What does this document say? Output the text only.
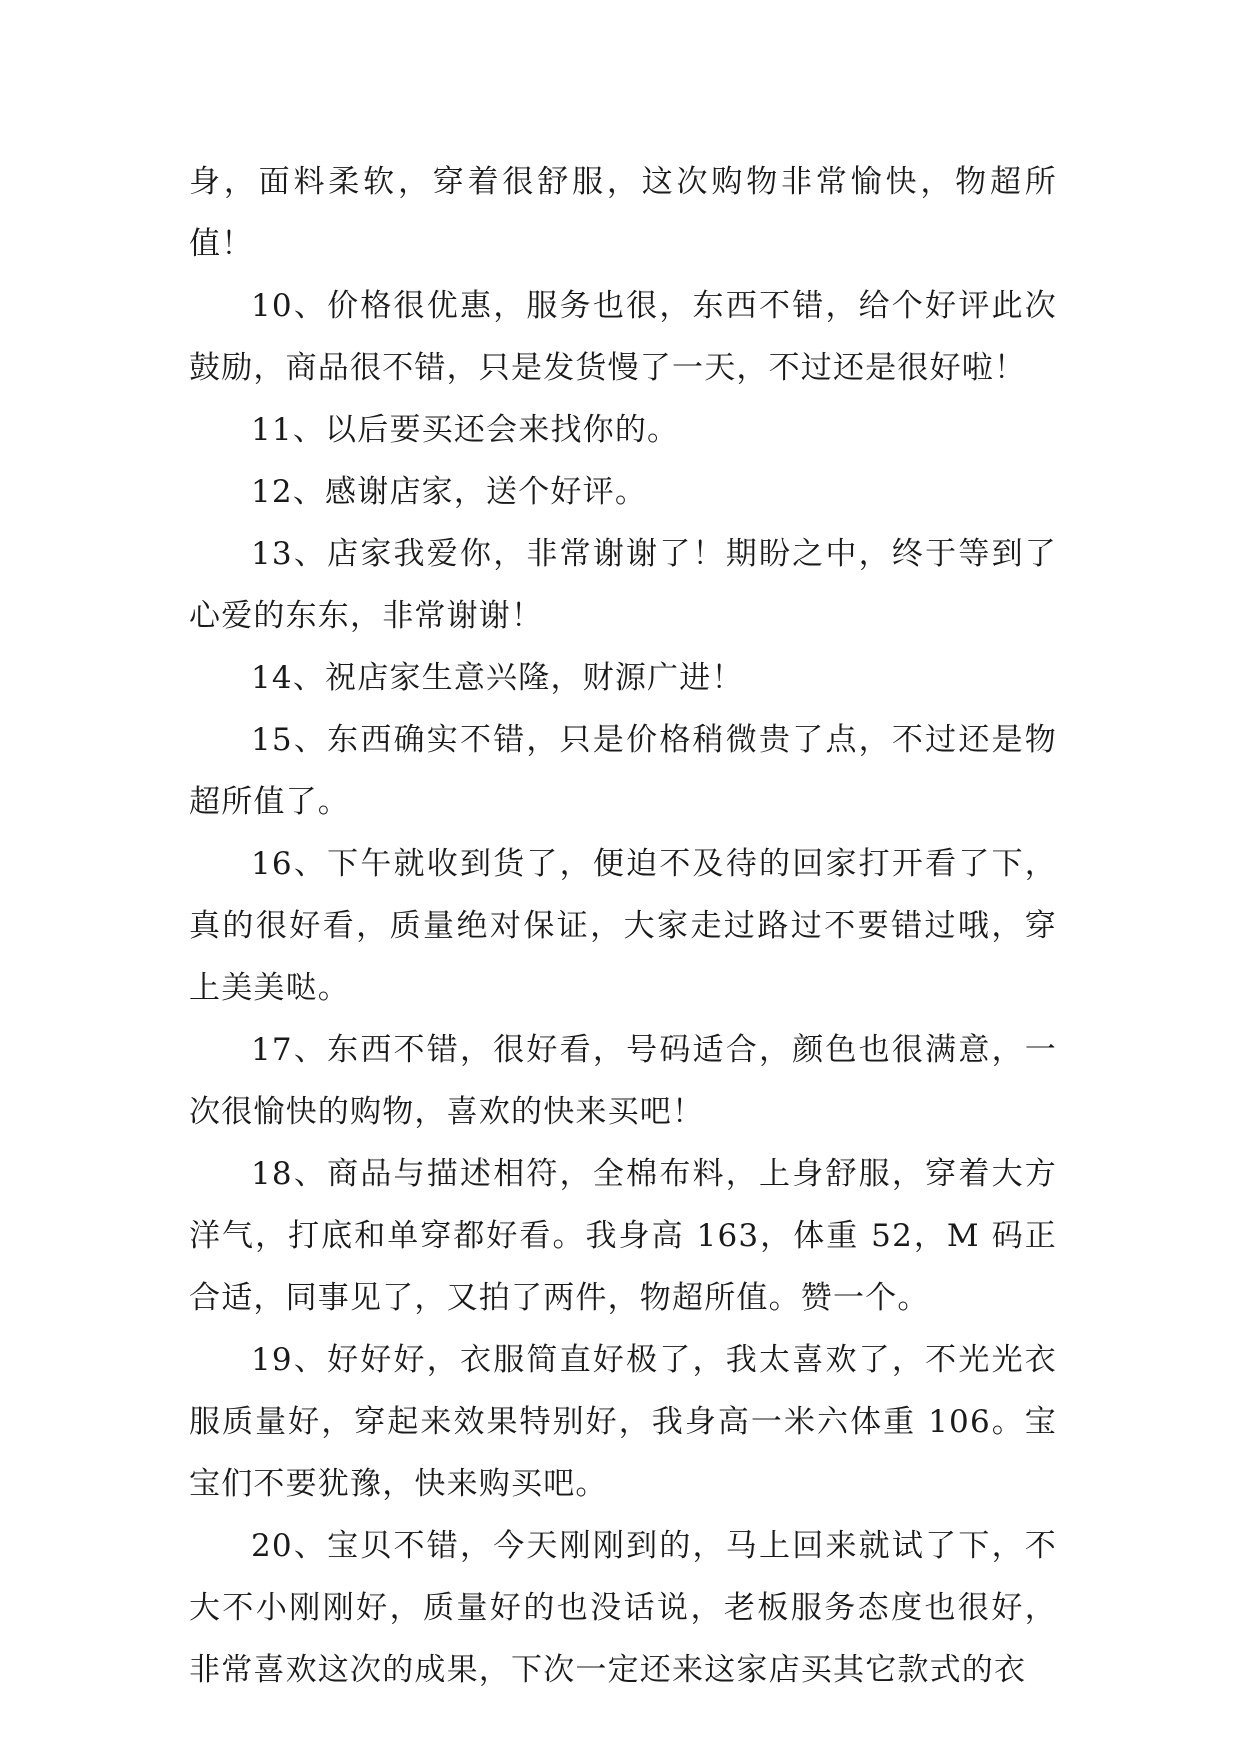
身，面料柔软，穿着很舒服，这次购物非常愉快，物超所值！

10、价格很优惠，服务也很，东西不错，给个好评此次鼓励，商品很不错，只是发货慢了一天，不过还是很好啦！

11、以后要买还会来找你的。

12、感谢店家，送个好评。

13、店家我爱你，非常谢谢了！期盼之中，终于等到了心爱的东东，非常谢谢！

14、祝店家生意兴隆，财源广进！

15、东西确实不错，只是价格稍微贵了点，不过还是物超所值了。

16、下午就收到货了，便迫不及待的回家打开看了下，真的很好看，质量绝对保证，大家走过路过不要错过哦，穿上美美哒。

17、东西不错，很好看，号码适合，颜色也很满意，一次很愉快的购物，喜欢的快来买吧！

18、商品与描述相符，全棉布料，上身舒服，穿着大方洋气，打底和单穿都好看。我身高 163，体重 52，M 码正合适，同事见了，又拍了两件，物超所值。赞一个。

19、好好好，衣服简直好极了，我太喜欢了，不光光衣服质量好，穿起来效果特别好，我身高一米六体重 106。宝宝们不要犹豫，快来购买吧。

20、宝贝不错，今天刚刚到的，马上回来就试了下，不大不小刚刚好，质量好的也没话说，老板服务态度也很好，非常喜欢这次的成果，下次一定还来这家店买其它款式的衣
